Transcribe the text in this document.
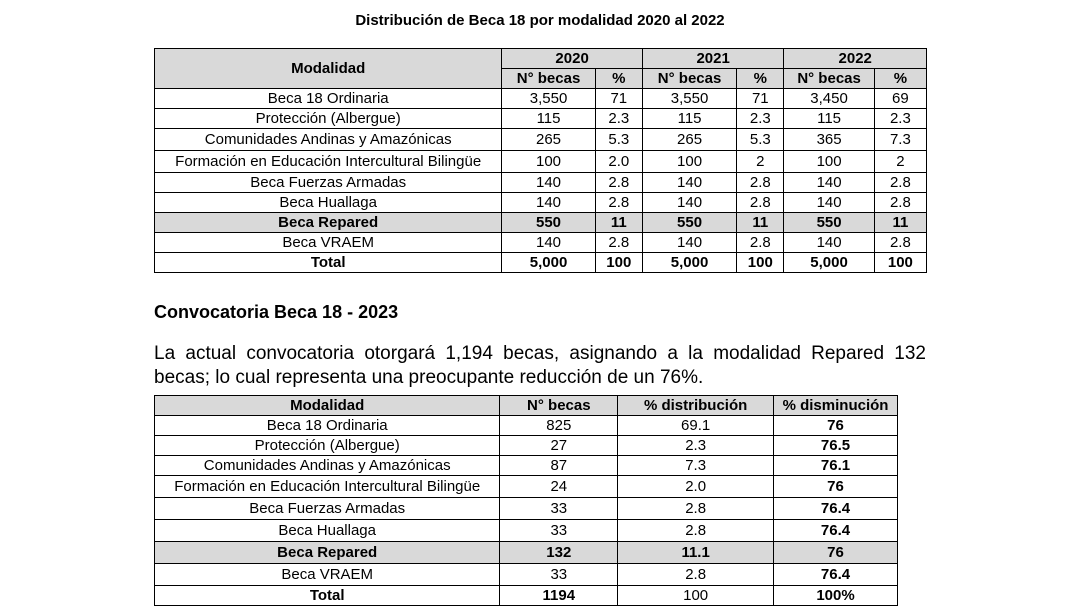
Distribución de Beca 18 por modalidad 2020 al 2022
Modalidad	2020		2021		2022	
	N° becas	%	N° becas	%	N° becas	%
Beca 18 Ordinaria	3,550	71	3,550	71	3,450	69
Protección (Albergue)	115	2.3	115	2.3	115	2.3
Comunidades Andinas y Amazónicas	265	5.3	265	5.3	365	7.3
Formación en Educación Intercultural Bilingüe	100	2.0	100	2	100	2
Beca Fuerzas Armadas	140	2.8	140	2.8	140	2.8
Beca Huallaga	140	2.8	140	2.8	140	2.8
Beca Repared	550	11	550	11	550	11
Beca VRAEM	140	2.8	140	2.8	140	2.8
Total	5,000	100	5,000	100	5,000	100
Convocatoria Beca 18 - 2023
La actual convocatoria otorgará 1,194 becas, asignando a la modalidad Repared 132 becas; lo cual representa una preocupante reducción de un 76%.
Modalidad	N° becas	% distribución	% disminución
Beca 18 Ordinaria	825	69.1	76
Protección (Albergue)	27	2.3	76.5
Comunidades Andinas y Amazónicas	87	7.3	76.1
Formación en Educación Intercultural Bilingüe	24	2.0	76
Beca Fuerzas Armadas	33	2.8	76.4
Beca Huallaga	33	2.8	76.4
Beca Repared	132	11.1	76
Beca VRAEM	33	2.8	76.4
Total	1194	100	100%
